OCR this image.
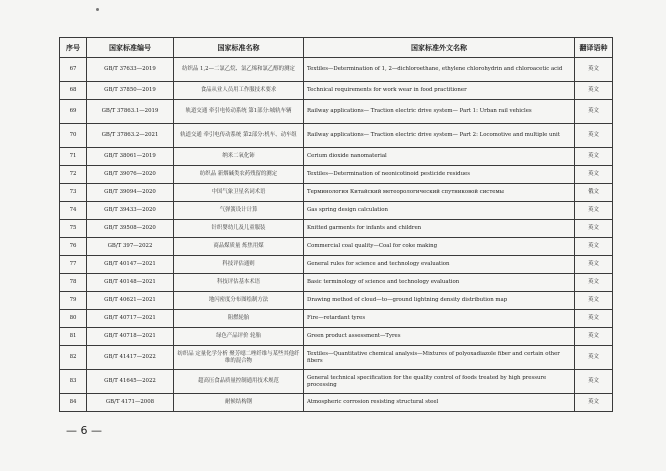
序号	国家标准编号	国家标准名称	国家标准外文名称	翻译语种
67	GB/T 37633—2019	纺织品 1,2—二氯乙烷、氯乙烯和氯乙醇的测定	Textiles—Determination of 1, 2—dichloroethane, ethylene chlorohydrin and chloroacetic acid	英文
68	GB/T 37850—2019	食品从业人员用工作服技术要求	Technical requirements for work wear in food practitioner	英文
69	GB/T 37863.1—2019	轨道交通 牵引电传动系统 第1部分:城轨车辆	Railway applications— Traction electric drive system— Part 1: Urban rail vehicles	英文
70	GB/T 37863.2—2021	轨道交通 牵引电传动系统 第2部分:机车、动车组	Railway applications— Traction electric drive system— Part 2: Locomotive and multiple unit	英文
71	GB/T 38061—2019	纳米二氧化铈	Cerium dioxide nanomaterial	英文
72	GB/T 39076—2020	纺织品 新烟碱类农药残留的测定	Textiles—Determination of neonicotinoid pesticide residues	英文
73	GB/T 39094—2020	中国气象卫星名词术语	Терминология Китайский метеорологический спутниковой системы	俄文
74	GB/T 39433—2020	气弹簧设计计算	Gas spring design calculation	英文
75	GB/T 39508—2020	针织婴幼儿及儿童服装	Knitted garments for infants and children	英文
76	GB/T 397—2022	商品煤质量 炼焦用煤	Commercial coal quality—Coal for coke making	英文
77	GB/T 40147—2021	科技评估通则	General rules for science and technology evaluation	英文
78	GB/T 40148—2021	科技评估基本术语	Basic terminology of science and technology evaluation	英文
79	GB/T 40621—2021	地闪密度分布图绘制方法	Drawing method of cloud—to—ground lightning density distribution map	英文
80	GB/T 40717—2021	阻燃轮胎	Fire—retardant tyres	英文
81	GB/T 40718—2021	绿色产品评价 轮胎	Green product assessment—Tyres	英文
82	GB/T 41417—2022	纺织品 定量化学分析 聚芳噁二唑纤维与某些其他纤维的混合物	Textiles—Quantitative chemical analysis—Mixtures of polyoxadiazole fiber and certain other fibers	英文
83	GB/T 41645—2022	超高压食品质量控制通用技术规范	General technical specification for the quality control of foods treated by high pressure processing	英文
84	GB/T 4171—2008	耐候结构钢	Atmospheric corrosion resisting structural steel	英文
— 6 —
